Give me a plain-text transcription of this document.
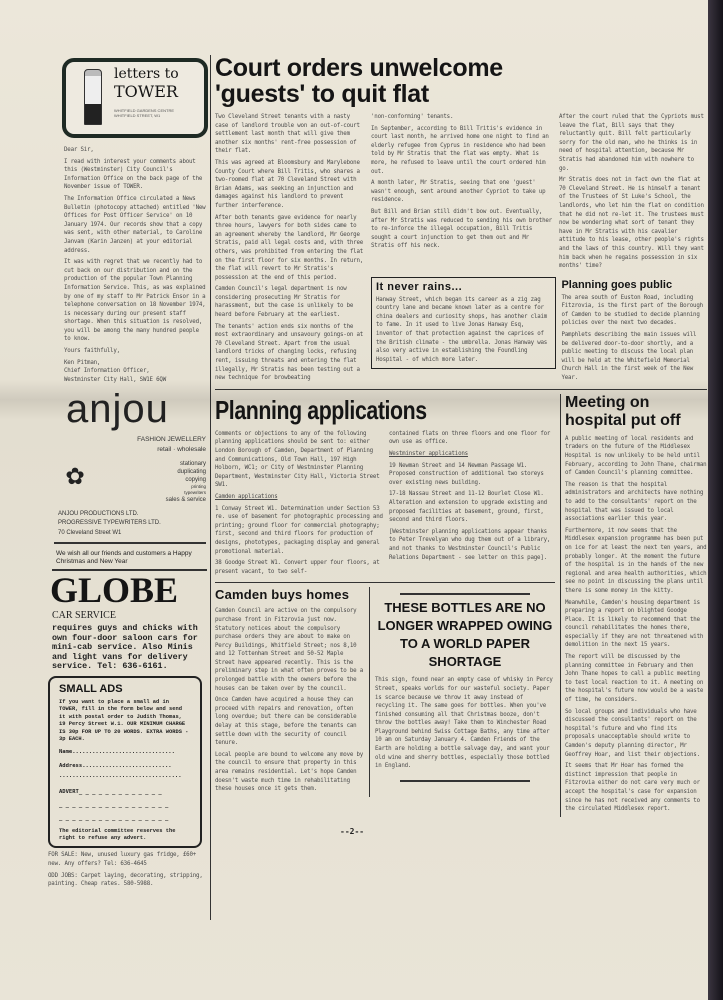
letters to
TOWER
WHITFIELD GARDENS CENTRE WHITFIELD STREET, W1

Dear Sir,

I read with interest your comments about this (Westminster) City Council's Information Office on the back page of the November issue of TOWER.

The Information Office circulated a News Bulletin (photocopy attached) entitled 'New Offices for Post Officer Service' on 10 January 1974. Our records show that a copy was sent, with other material, to Caroline Janvam (Karin Janzen) at your editorial address.

It was with regret that we recently had to cut back on our distribution and on the production of the popular Town Planning Information Service. This, as was explained by one of my staff to Mr Patrick Ensor in a telephone conversation on 18 November 1974, is necessary during our present staff shortage. When this situation is resolved, you will be among the many hundred people to know.

Yours faithfully,

Ken Pitman,

Chief Information Officer,

Westminster City Hall, SW1E 6QW

anjou
✿
FASHION JEWELLERY
retail · wholesale
stationary
duplicating
copying
printing
typewriters
sales & service
ANJOU PRODUCTIONS LTD.
PROGRESSIVE TYPEWRITERS LTD.
70 Cleveland Street W1
We wish all our friends and customers a Happy Christmas and New Year
GLOBE
CAR SERVICE
requires guys and chicks with own four-door saloon cars for mini-cab service. Also Minis and light vans for delivery service. Tel: 636-6161.
SMALL ADS
If you want to place a small ad in TOWER, fill in the form below and send it with postal order to Judith Thomas, 19 Percy Street W.1. OUR MINIMUM CHARGE IS 30p FOR UP TO 20 WORDS. EXTRA WORDS - 3p EACH.
Name...............................
Address...........................
.....................................
ADVERT_ _ _ _ _ _ _ _ _ _ _ _ _
_ _ _ _ _ _ _ _ _ _ _ _ _ _ _ _ _
_ _ _ _ _ _ _ _ _ _ _ _ _ _ _ _ _
The editorial committee reserves the right to refuse any advert.

FOR SALE: New, unused luxury gas fridge, £60+ new. Any offers? Tel: 636-4645

ODD JOBS: Carpet laying, decorating, stripping, painting. Cheap rates. 580-5988.

Court orders unwelcome
'guests' to quit flat

Two Cleveland Street tenants with a nasty case of landlord trouble won an out-of-court settlement last month that will give them another six months' rent-free possession of their flat.

This was agreed at Bloomsbury and Marylebone County Court where Bill Tritis, who shares a two-roomed flat at 70 Cleveland Street with Brian Adams, was seeking an injunction and damages against his landlord to prevent further interference.

After both tenants gave evidence for nearly three hours, lawyers for both sides came to an agreement whereby the landlord, Mr George Stratis, paid all legal costs and, with three others, was prohibited from entering the flat on the first floor for six months. In return, the flat will revert to Mr Stratis's possession at the end of this period.

Camden Council's legal department is now considering prosecuting Mr Stratis for harassment, but the case is unlikely to be heard before February at the earliest.

The tenants' action ends six months of the most extraordinary and unsavoury goings-on at 70 Cleveland Street. Apart from the usual landlord tricks of changing locks, refusing rent, issuing threats and entering the flat illegally, Mr Stratis has been testing out a new technique for browbeating

'non-conforming' tenants.

In September, according to Bill Tritis's evidence in court last month, he arrived home one night to find an elderly refugee from Cyprus in residence who had been told by Mr Stratis that the flat was empty. What is more, he refused to leave until the court ordered him out.

A month later, Mr Stratis, seeing that one 'guest' wasn't enough, sent around another Cypriot to take up residence.

But Bill and Brian still didn't bow out. Eventually, after Mr Stratis was reduced to sending his own brother to re-inforce the illegal occupation, Bill Tritis sought a court injunction to get them out and Mr Stratis off his neck.

After the court ruled that the Cypriots must leave the flat, Bill says that they reluctantly quit. Bill felt particularly sorry for the old man, who he thinks is in need of hospital attention, because Mr Stratis had abandoned him with nowhere to go.

Mr Stratis does not in fact own the flat at 70 Cleveland Street. He is himself a tenant of the Trustees of St Luke's School, the landlords, who let him the flat on condition that he did not re-let it. The trustees must now be wondering what sort of tenant they have in Mr Stratis with his cavalier attitude to his lease, other people's rights and the laws of this country. Will they want him back when he regains possession in six months' time?

It never rains...

Hanway Street, which began its career as a zig zag country lane and became known later as a centre for china dealers and curiosity shops, has another claim to fame. In it used to live Jonas Hanway Esq, inventor of that protection against the caprices of the British climate - the umbrella. Jonas Hanway was also very active in establishing the Foundling Hospital - of which more later.

Planning goes public

The area south of Euston Road, including Fitzrovia, is the first part of the Borough of Camden to be studied to decide planning policies over the next two decades.

Pamphlets describing the main issues will be delivered door-to-door shortly, and a public meeting to discuss the local plan will be held at the Whitefield Memorial Church Hall in the first week of the New Year.

Planning applications

Comments or objections to any of the following planning applications should be sent to: either London Borough of Camden, Department of Planning and Communications, Old Town Hall, 197 High Holborn, WC1; or City of Westminster Planning Department, Westminster City Hall, Victoria Street SW1.

Camden applications

1 Conway Street W1. Determination under Section 53 re. use of basement for photographic processing and printing; ground floor for commercial photography; first, second and third floors for production of designs, phototypes, packaging display and general promotional material.

38 Goodge Street W1. Convert upper four floors, at present vacant, to two self-

contained flats on three floors and one floor for own use as office.

Westminster applications

19 Newman Street and 14 Newman Passage W1. Proposed construction of additional two storeys over existing news building.

17-18 Nassau Street and 11-12 Bourlet Close W1. Alteration and extension to upgrade existing and proposed facilities at basement, ground, first, second and third floors.

[Westminster planning applications appear thanks to Peter Trevelyan who dug them out of a library, and not thanks to Westminster Council's Public Relations Department - see letter on this page].

Camden buys homes

Camden Council are active on the compulsory purchase front in Fitzrovia just now. Statutory notices about the compulsory purchase orders they are about to make on Percy Buildings, Whitfield Street; nos 8,10 and 12 Tottenham Street and 50-52 Maple Street have appeared recently. This is the preliminary step in what often proves to be a prolonged battle with the owners before the houses can be taken over by the council.

Once Camden have acquired a house they can proceed with repairs and renovation, often long overdue; but there can be considerable delay at this stage, before the tenants can settle down with the security of council tenure.

Local people are bound to welcome any move by the council to ensure that property in this area remains residential. Let's hope Camden doesn't waste much time in rehabilitating these houses once it gets them.

THESE BOTTLES ARE NO LONGER WRAPPED OWING TO A WORLD PAPER SHORTAGE

This sign, found near an empty case of whisky in Percy Street, speaks worlds for our wasteful society. Paper is scarce because we throw it away instead of recycling it. The same goes for bottles. When you've finished consuming all that Christmas booze, don't throw the bottles away! Take them to Winchester Road Playground behind Swiss Cottage Baths, any time after 10 am on Saturday January 4. Camden Friends of the Earth are holding a bottle salvage day, and want your old wine and sherry bottles, especially those bottled in England.

Meeting on
hospital put off

A public meeting of local residents and traders on the future of the Middlesex Hospital is now unlikely to be held until February, according to John Thane, chairman of Camden Council's planning committee.

The reason is that the hospital administrators and architects have nothing to add to the consultants' report on the hospital that was issued to local associations earlier this year.

Furthermore, it now seems that the Middlesex expansion programme has been put on ice for at least the next ten years, and probably longer. At the moment the future of the hospital is in the hands of the new regional and area health authorities, which see no point in discussing the plans until there is some money in the kitty.

Meanwhile, Camden's housing department is preparing a report on blighted Goodge Place. It is likely to recommend that the council rehabilitates the homes there, especially if they are not threatened with demolition in the next 15 years.

The report will be discussed by the planning committee in February and then John Thane hopes to call a public meeting to test local reaction to it. A meeting on the hospital's future now would be a waste of time, he considers.

So local groups and individuals who have discussed the consultants' report on the hospital's future and who find its proposals unacceptable should write to Camden's deputy planning director, Mr Geoffrey Hoar, and list their objections.

It seems that Mr Hoar has formed the distinct impression that people in Fitzrovia either do not care very much or accept the hospital's case for expansion since he has not received any comments to the circulated Middlesex report.

--2--
